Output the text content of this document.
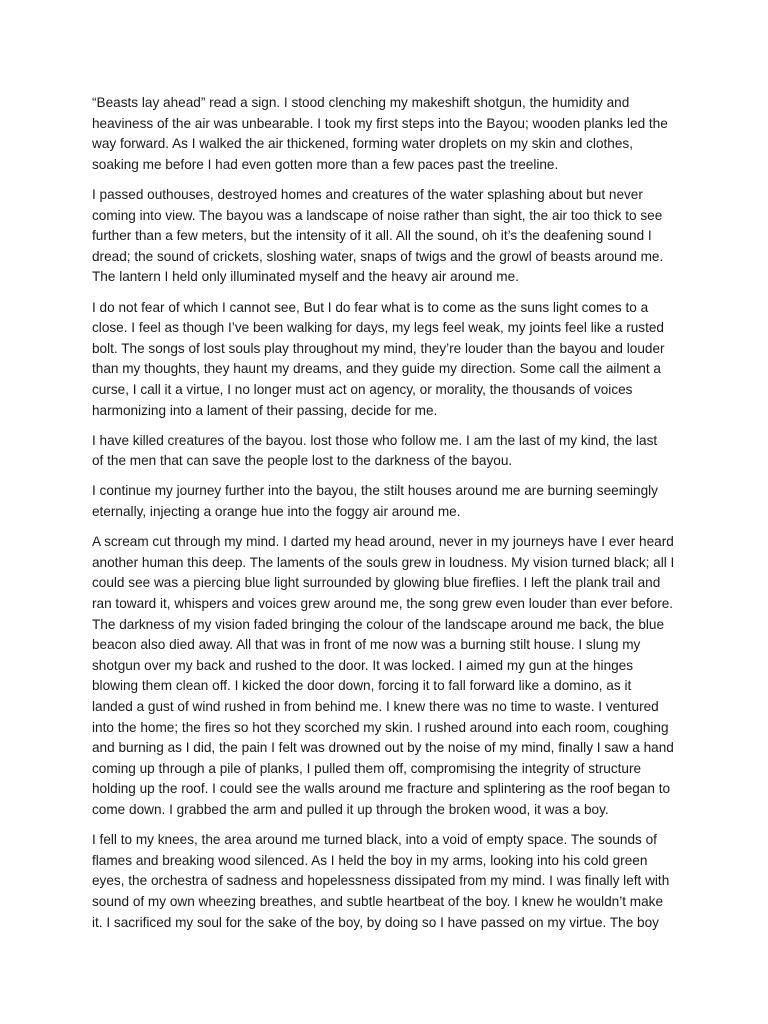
“Beasts lay ahead” read a sign. I stood clenching my makeshift shotgun, the humidity and
heaviness of the air was unbearable. I took my first steps into the Bayou; wooden planks led the
way forward. As I walked the air thickened, forming water droplets on my skin and clothes,
soaking me before I had even gotten more than a few paces past the treeline.

I passed outhouses, destroyed homes and creatures of the water splashing about but never
coming into view. The bayou was a landscape of noise rather than sight, the air too thick to see
further than a few meters, but the intensity of it all. All the sound, oh it’s the deafening sound I
dread; the sound of crickets, sloshing water, snaps of twigs and the growl of beasts around me.
The lantern I held only illuminated myself and the heavy air around me.

I do not fear of which I cannot see, But I do fear what is to come as the suns light comes to a
close. I feel as though I’ve been walking for days, my legs feel weak, my joints feel like a rusted
bolt. The songs of lost souls play throughout my mind, they’re louder than the bayou and louder
than my thoughts, they haunt my dreams, and they guide my direction. Some call the ailment a
curse, I call it a virtue, I no longer must act on agency, or morality, the thousands of voices
harmonizing into a lament of their passing, decide for me.

I have killed creatures of the bayou. lost those who follow me. I am the last of my kind, the last
of the men that can save the people lost to the darkness of the bayou.

I continue my journey further into the bayou, the stilt houses around me are burning seemingly
eternally, injecting a orange hue into the foggy air around me.

A scream cut through my mind. I darted my head around, never in my journeys have I ever heard
another human this deep. The laments of the souls grew in loudness. My vision turned black; all I
could see was a piercing blue light surrounded by glowing blue fireflies. I left the plank trail and
ran toward it, whispers and voices grew around me, the song grew even louder than ever before.
The darkness of my vision faded bringing the colour of the landscape around me back, the blue
beacon also died away. All that was in front of me now was a burning stilt house. I slung my
shotgun over my back and rushed to the door. It was locked. I aimed my gun at the hinges
blowing them clean off. I kicked the door down, forcing it to fall forward like a domino, as it
landed a gust of wind rushed in from behind me. I knew there was no time to waste. I ventured
into the home; the fires so hot they scorched my skin. I rushed around into each room, coughing
and burning as I did, the pain I felt was drowned out by the noise of my mind, finally I saw a hand
coming up through a pile of planks, I pulled them off, compromising the integrity of structure
holding up the roof. I could see the walls around me fracture and splintering as the roof began to
come down. I grabbed the arm and pulled it up through the broken wood, it was a boy.

I fell to my knees, the area around me turned black, into a void of empty space. The sounds of
flames and breaking wood silenced. As I held the boy in my arms, looking into his cold green
eyes, the orchestra of sadness and hopelessness dissipated from my mind. I was finally left with
sound of my own wheezing breathes, and subtle heartbeat of the boy. I knew he wouldn’t make
it. I sacrificed my soul for the sake of the boy, by doing so I have passed on my virtue. The boy
